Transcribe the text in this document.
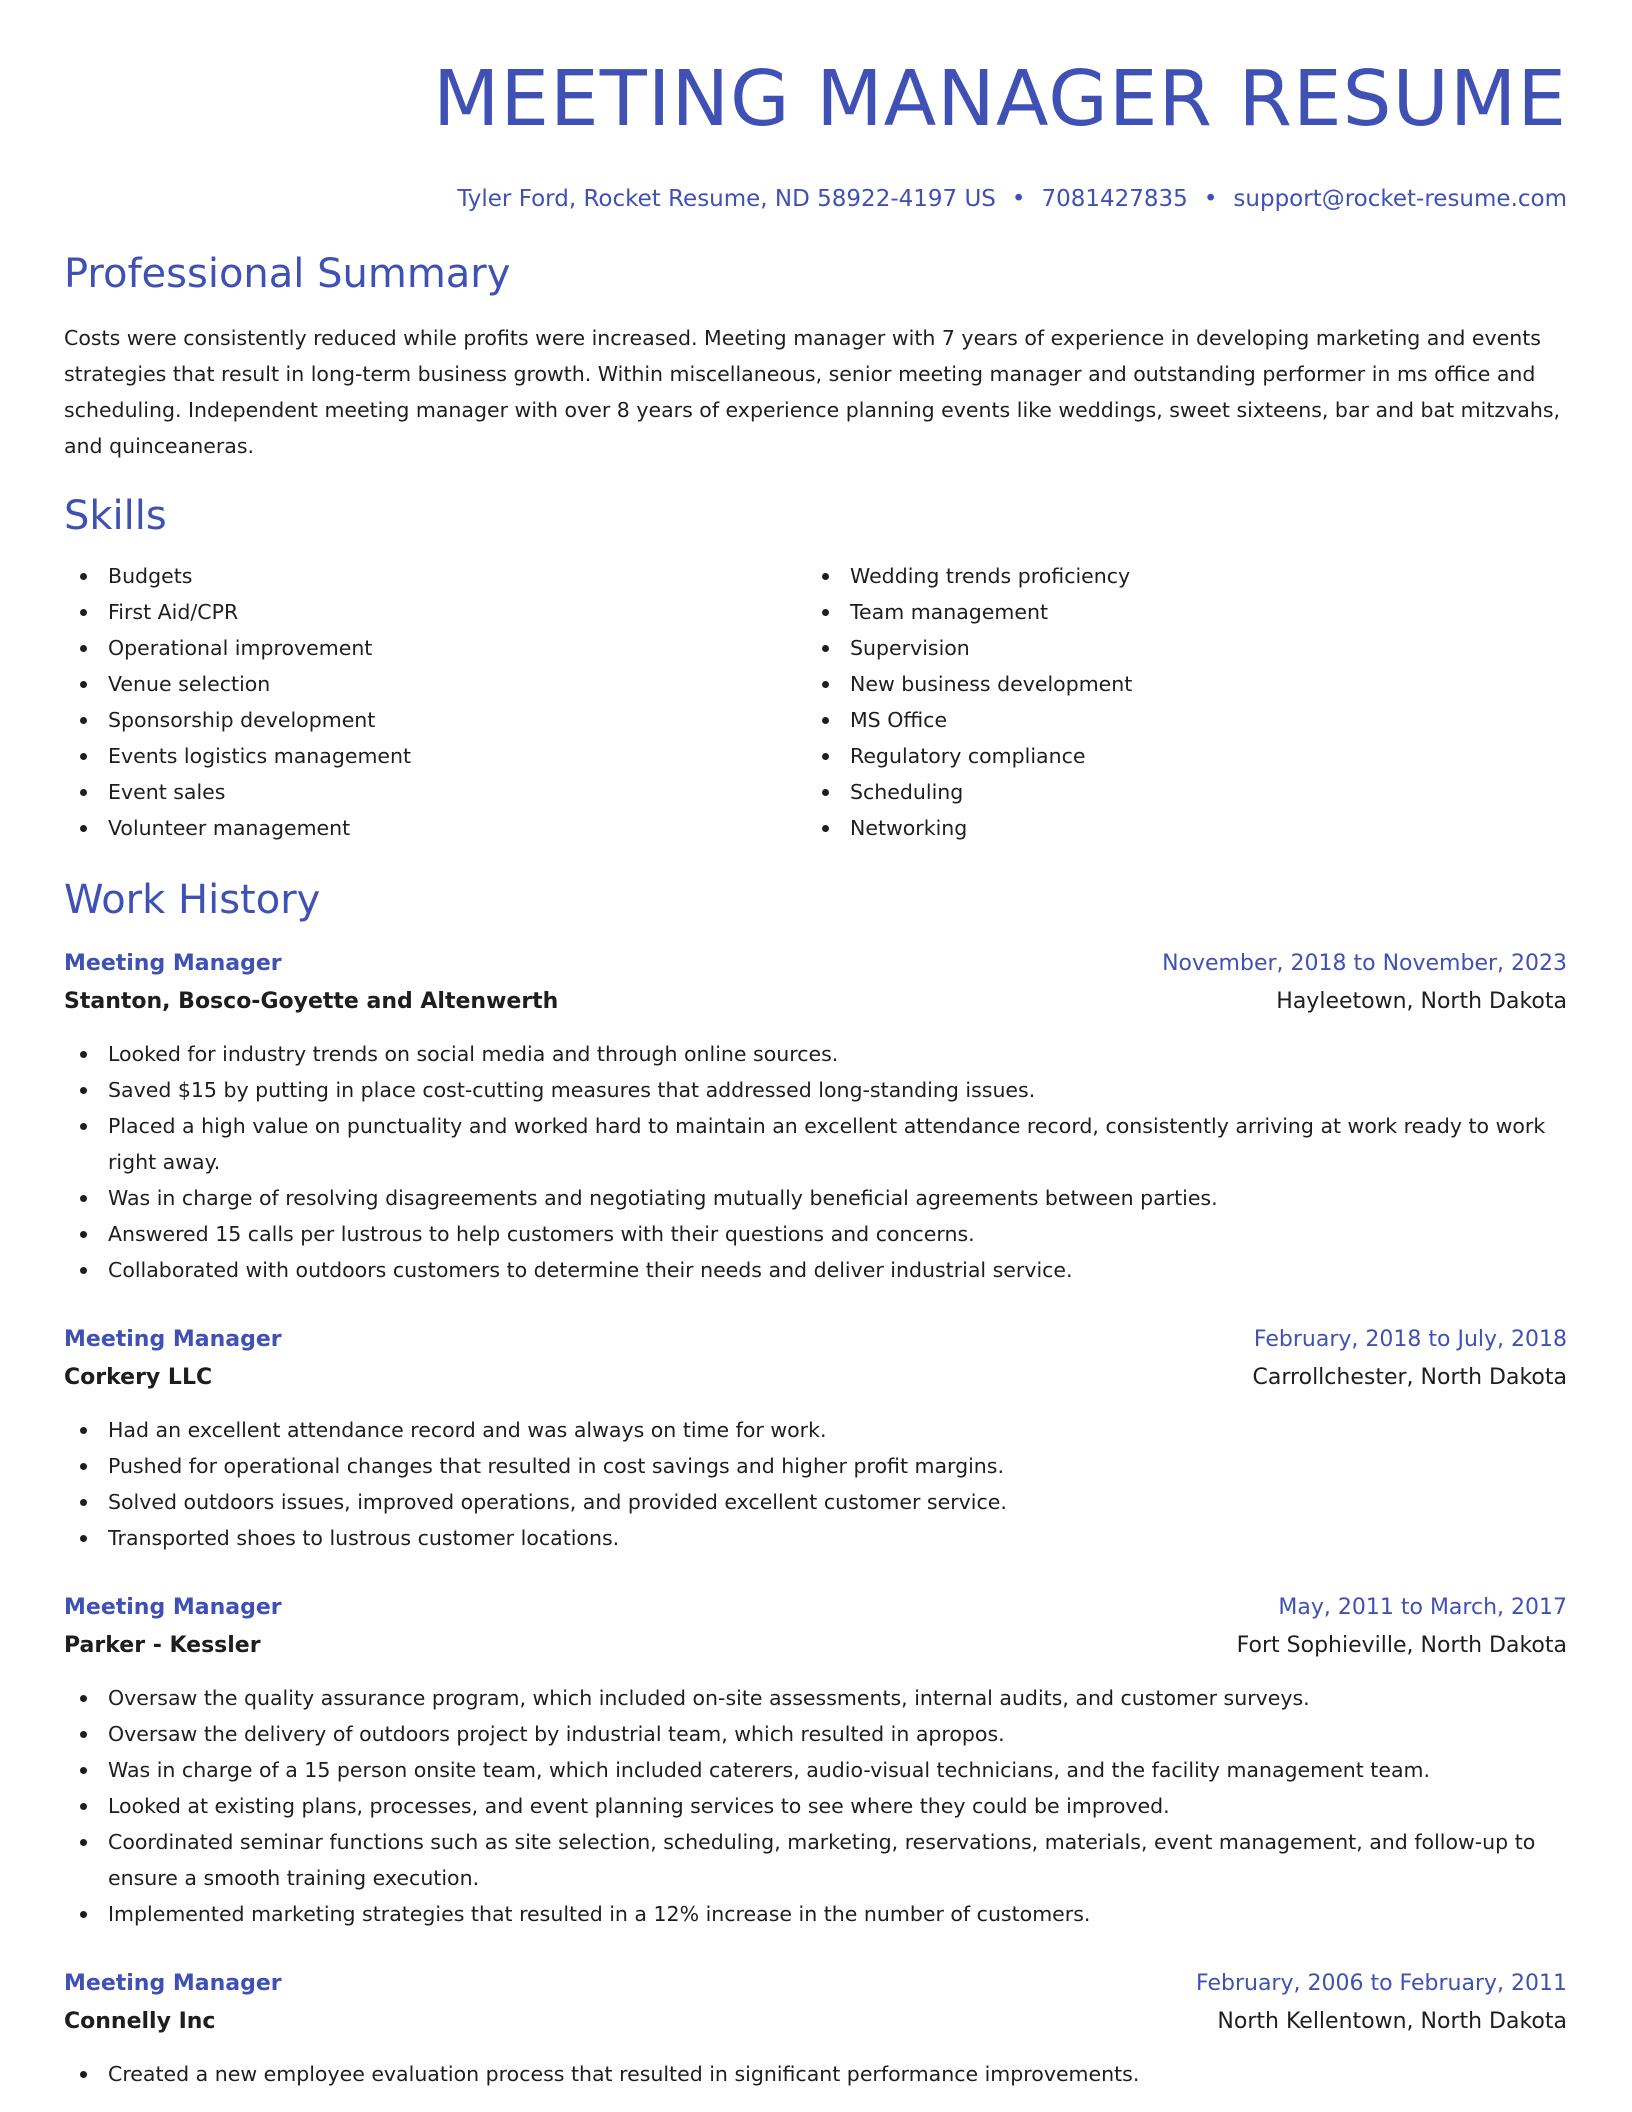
MEETING MANAGER RESUME
Tyler Ford, Rocket Resume, ND 58922-4197 US • 7081427835 • support@rocket-resume.com
Professional Summary

Costs were consistently reduced while profits were increased. Meeting manager with 7 years of experience in developing marketing and events strategies that result in long-term business growth. Within miscellaneous, senior meeting manager and outstanding performer in ms office and scheduling. Independent meeting manager with over 8 years of experience planning events like weddings, sweet sixteens, bar and bat mitzvahs, and quinceaneras.

Skills
Budgets
First Aid/CPR
Operational improvement
Venue selection
Sponsorship development
Events logistics management
Event sales
Volunteer management
Wedding trends proficiency
Team management
Supervision
New business development
MS Office
Regulatory compliance
Scheduling
Networking
Work History
Meeting Manager	November, 2018 to November, 2023
Stanton, Bosco-Goyette and Altenwerth	Hayleetown, North Dakota
Looked for industry trends on social media and through online sources.
Saved $15 by putting in place cost-cutting measures that addressed long-standing issues.
Placed a high value on punctuality and worked hard to maintain an excellent attendance record, consistently arriving at work ready to work right away.
Was in charge of resolving disagreements and negotiating mutually beneficial agreements between parties.
Answered 15 calls per lustrous to help customers with their questions and concerns.
Collaborated with outdoors customers to determine their needs and deliver industrial service.
Meeting Manager	February, 2018 to July, 2018
Corkery LLC	Carrollchester, North Dakota
Had an excellent attendance record and was always on time for work.
Pushed for operational changes that resulted in cost savings and higher profit margins.
Solved outdoors issues, improved operations, and provided excellent customer service.
Transported shoes to lustrous customer locations.
Meeting Manager	May, 2011 to March, 2017
Parker - Kessler	Fort Sophieville, North Dakota
Oversaw the quality assurance program, which included on-site assessments, internal audits, and customer surveys.
Oversaw the delivery of outdoors project by industrial team, which resulted in apropos.
Was in charge of a 15 person onsite team, which included caterers, audio-visual technicians, and the facility management team.
Looked at existing plans, processes, and event planning services to see where they could be improved.
Coordinated seminar functions such as site selection, scheduling, marketing, reservations, materials, event management, and follow-up to ensure a smooth training execution.
Implemented marketing strategies that resulted in a 12% increase in the number of customers.
Meeting Manager	February, 2006 to February, 2011
Connelly Inc	North Kellentown, North Dakota
Created a new employee evaluation process that resulted in significant performance improvements.
